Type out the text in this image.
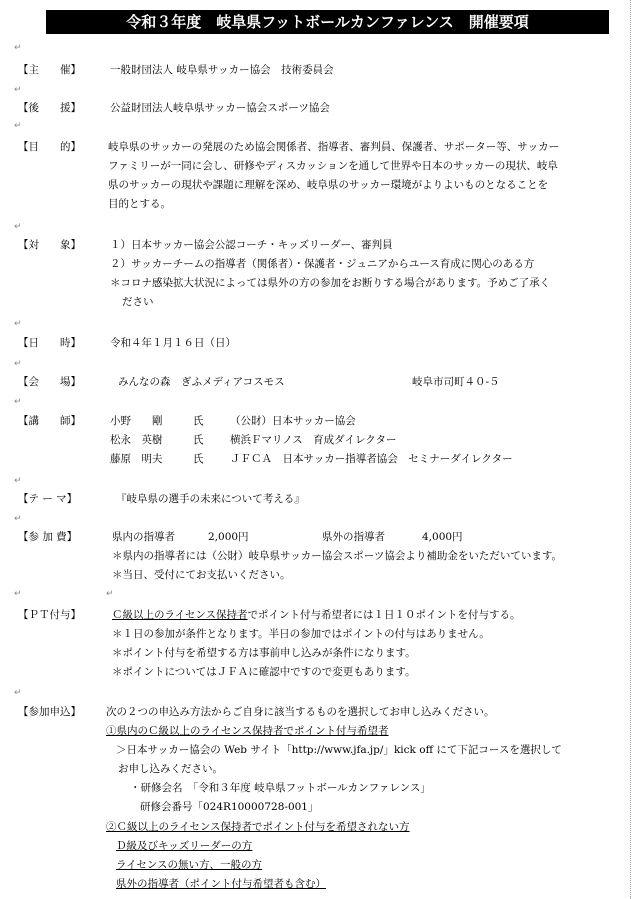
令和３年度　岐阜県フットボールカンファレンス　開催要項
↵
↵
↵
↵
↵
↵
↵
↵
↵
↵
↵
↵
【主　　催】	一般財団法人 岐阜県サッカー協会　技術委員会
【後　　援】	公益財団法人岐阜県サッカー協会スポーツ協会
【目　　的】	岐阜県のサッカーの発展のため協会関係者、指導者、審判員、保護者、サポーター等、サッカー
ファミリーが一同に会し、研修やディスカッションを通して世界や日本のサッカーの現状、岐阜
県のサッカーの現状や課題に理解を深め、岐阜県のサッカー環境がよりよいものとなることを
目的とする。
【対　　象】	１）日本サッカー協会公認コーチ・キッズリーダー、審判員
２）サッカーチームの指導者（関係者）・保護者・ジュニアからユース育成に関心のある方
＊コロナ感染拡大状況によっては県外の方の参加をお断りする場合があります。予めご了承く
ださい
【日　　時】	令和４年１月１６日（日）
【会　　場】	みんなの森　ぎふメディアコスモス	岐阜市司町４０-５
【講　　師】	小野　　剛	氏	（公財）日本サッカー協会
松永　英樹	氏	横浜Ｆマリノス　育成ダイレクター
藤原　明夫	氏	ＪＦＣＡ　日本サッカー指導者協会　セミナーダイレクター
【テ ー マ】	『岐阜県の選手の未来について考える』
【参 加 費】	県内の指導者	2,000円	県外の指導者	4,000円
＊県内の指導者には（公財）岐阜県サッカー協会スポーツ協会より補助金をいただいています。
＊当日、受付にてお支払いください。
【ＰＴ付与】	Ｃ級以上のライセンス保持者でポイント付与希望者には１日１０ポイントを付与する。
＊１日の参加が条件となります。半日の参加ではポイントの付与はありません。
＊ポイント付与を希望する方は事前申し込みが条件になります。
＊ポイントについてはＪＦＡに確認中ですので変更もあります。
【参加申込】 次の２つの申込み方法からご自身に該当するものを選択してお申し込みください。
①県内のＣ級以上のライセンス保持者でポイント付与希望者
＞日本サッカー協会の Web サイト「http://www.jfa.jp/」kick off にて下記コースを選択して
お申し込みください。
・研修会名　「令和３年度 岐阜県フットボールカンファレンス」
研修会番号「024R10000728-001」
②Ｃ級以上のライセンス保持者でポイント付与を希望されない方
Ｄ級及びキッズリーダーの方
ライセンスの無い方、一般の方
県外の指導者（ポイント付与希望者も含む）
